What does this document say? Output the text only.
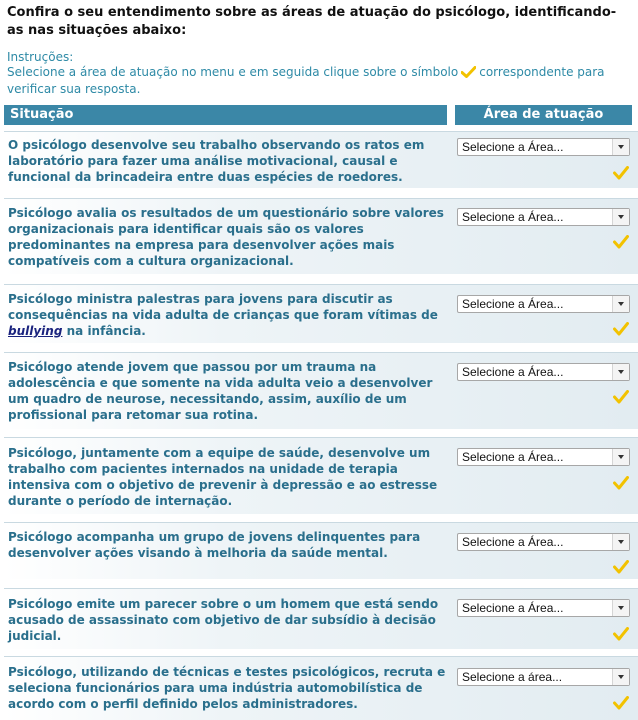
Confira o seu entendimento sobre as áreas de atuação do psicólogo, identificando-as nas situações abaixo:
Instruções:
Selecione a área de atuação no menu e em seguida clique sobre o símbolo correspondente para verificar sua resposta.
Situação	Área de atuação
O psicólogo desenvolve seu trabalho observando os ratos em laboratório para fazer uma análise motivacional, causal e funcional da brincadeira entre duas espécies de roedores.
Selecione a Área...
Psicólogo avalia os resultados de um questionário sobre valores organizacionais para identificar quais são os valores predominantes na empresa para desenvolver ações mais compatíveis com a cultura organizacional.
Selecione a Área...
Psicólogo ministra palestras para jovens para discutir as consequências na vida adulta de crianças que foram vítimas de bullying na infância.
Selecione a Área...
Psicólogo atende jovem que passou por um trauma na adolescência e que somente na vida adulta veio a desenvolver um quadro de neurose, necessitando, assim, auxílio de um profissional para retomar sua rotina.
Selecione a Área...
Psicólogo, juntamente com a equipe de saúde, desenvolve um trabalho com pacientes internados na unidade de terapia intensiva com o objetivo de prevenir à depressão e ao estresse durante o período de internação.
Selecione a Área...
Psicólogo acompanha um grupo de jovens delinquentes para desenvolver ações visando à melhoria da saúde mental.
Selecione a Área...
Psicólogo emite um parecer sobre o um homem que está sendo acusado de assassinato com objetivo de dar subsídio à decisão judicial.
Selecione a Área...
Psicólogo, utilizando de técnicas e testes psicológicos, recruta e seleciona funcionários para uma indústria automobilística de acordo com o perfil definido pelos administradores.
Selecione a área...
